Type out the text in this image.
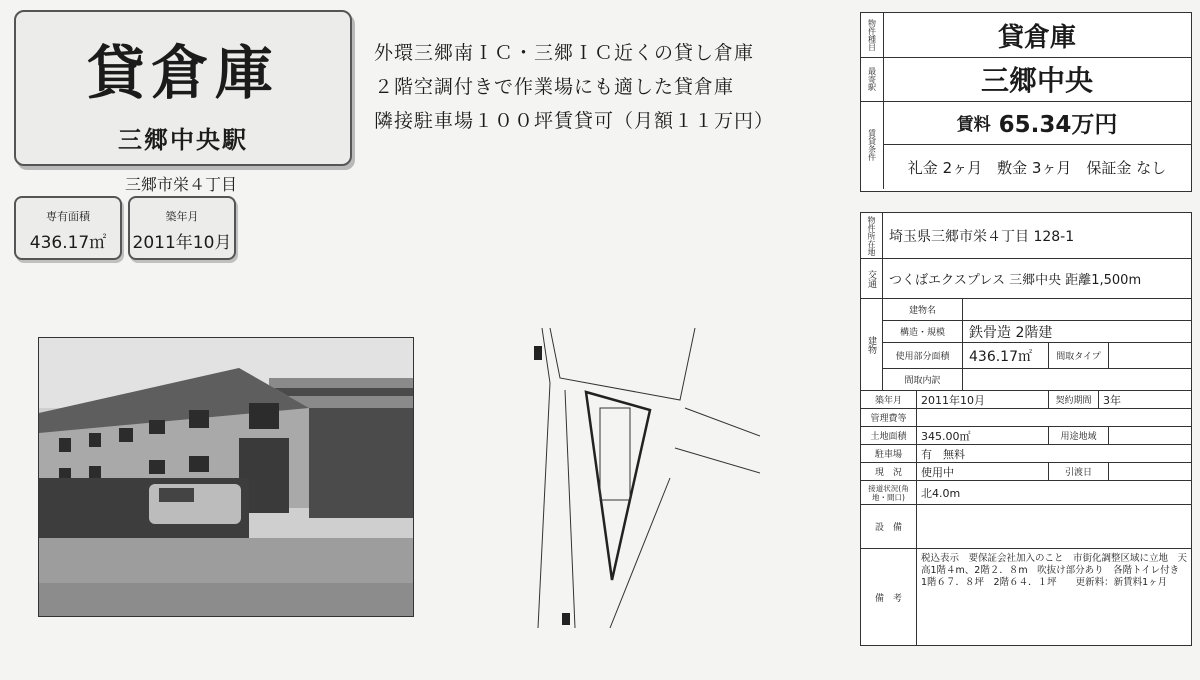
貸倉庫
三郷中央駅
三郷市栄４丁目
専有面積
436.17㎡
築年月
2011年10月
外環三郷南ＩＣ・三郷ＩＣ近くの貸し倉庫
２階空調付きで作業場にも適した貸倉庫
隣接駐車場１００坪賃貸可（月額１１万円）
物件種目	貸倉庫
最寄駅	三郷中央
賃貸条件
賃料 65.34万円
礼金 2ヶ月　敷金 3ヶ月　保証金 なし
物件所在地 埼玉県三郷市栄４丁目 128-1
交通	つくばエクスプレス 三郷中央 距離1,500m
建物
建物名
構造・規模	鉄骨造 2階建
使用部分面積	436.17㎡	間取タイプ
間取内訳
築年月	2011年10月	契約期間	3年
管理費等
土地面積	345.00㎡	用途地域
駐車場	有　無料
現　況	使用中	引渡日
接道状況(角地・間口)	北4.0m
設　備
備　考
税込表示　要保証会社加入のこと　市街化調整区域に立地　天
高1階４m、2階２．８m　吹抜け部分あり　各階トイレ付き
1階６７．８坪　2階６４．１坪　　更新料：新賃料1ヶ月
